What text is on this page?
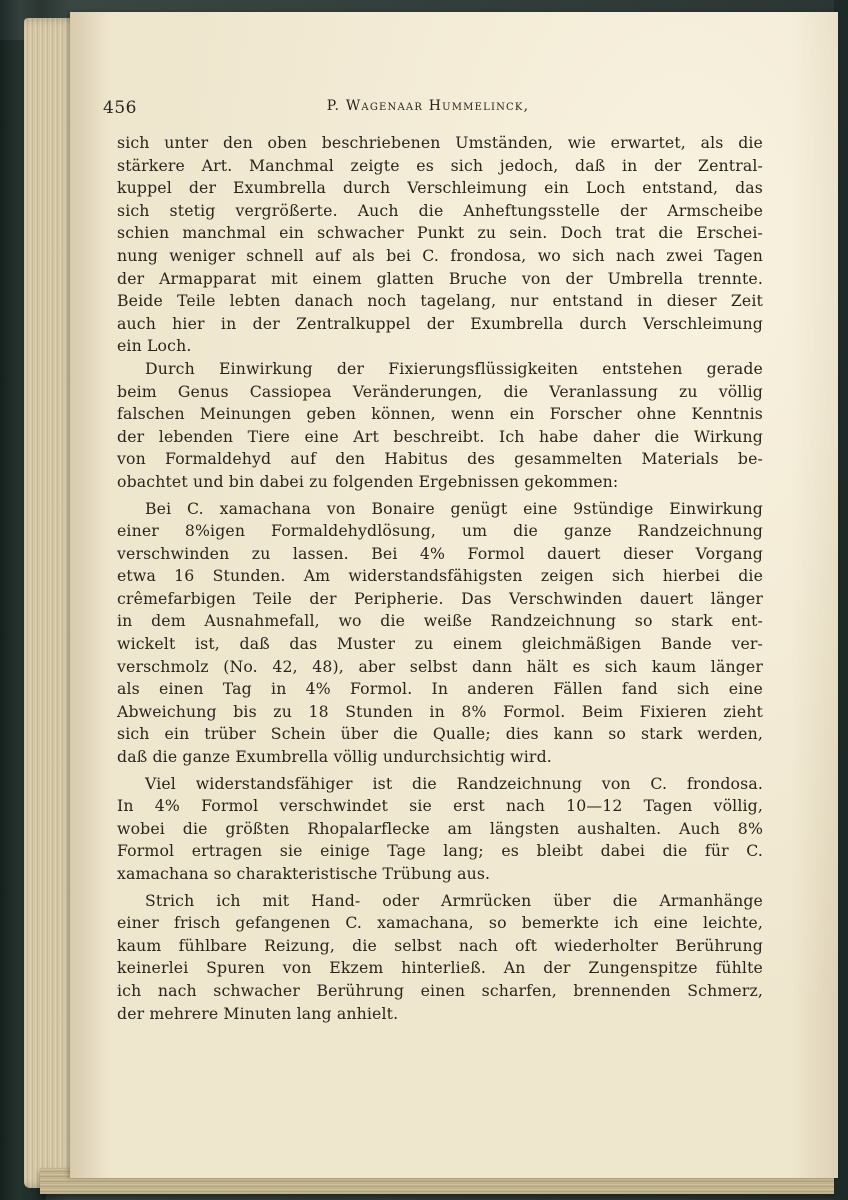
456	P. Wagenaar Hummelinck,
sich unter den oben beschriebenen Umständen, wie erwartet, als die
stärkere Art. Manchmal zeigte es sich jedoch, daß in der Zentral-
kuppel der Exumbrella durch Verschleimung ein Loch entstand, das
sich stetig vergrößerte. Auch die Anheftungsstelle der Armscheibe
schien manchmal ein schwacher Punkt zu sein. Doch trat die Erschei-
nung weniger schnell auf als bei C. frondosa, wo sich nach zwei Tagen
der Armapparat mit einem glatten Bruche von der Umbrella trennte.
Beide Teile lebten danach noch tagelang, nur entstand in dieser Zeit
auch hier in der Zentralkuppel der Exumbrella durch Verschleimung
ein Loch.
Durch Einwirkung der Fixierungsflüssigkeiten entstehen gerade
beim Genus Cassiopea Veränderungen, die Veranlassung zu völlig
falschen Meinungen geben können, wenn ein Forscher ohne Kenntnis
der lebenden Tiere eine Art beschreibt. Ich habe daher die Wirkung
von Formaldehyd auf den Habitus des gesammelten Materials be-
obachtet und bin dabei zu folgenden Ergebnissen gekommen:
Bei C. xamachana von Bonaire genügt eine 9stündige Einwirkung
einer 8%igen Formaldehydlösung, um die ganze Randzeichnung
verschwinden zu lassen. Bei 4% Formol dauert dieser Vorgang
etwa 16 Stunden. Am widerstandsfähigsten zeigen sich hierbei die
crêmefarbigen Teile der Peripherie. Das Verschwinden dauert länger
in dem Ausnahmefall, wo die weiße Randzeichnung so stark ent-
wickelt ist, daß das Muster zu einem gleichmäßigen Bande ver-
verschmolz (No. 42, 48), aber selbst dann hält es sich kaum länger
als einen Tag in 4% Formol. In anderen Fällen fand sich eine
Abweichung bis zu 18 Stunden in 8% Formol. Beim Fixieren zieht
sich ein trüber Schein über die Qualle; dies kann so stark werden,
daß die ganze Exumbrella völlig undurchsichtig wird.
Viel widerstandsfähiger ist die Randzeichnung von C. frondosa.
In 4% Formol verschwindet sie erst nach 10—12 Tagen völlig,
wobei die größten Rhopalarflecke am längsten aushalten. Auch 8%
Formol ertragen sie einige Tage lang; es bleibt dabei die für C.
xamachana so charakteristische Trübung aus.
Strich ich mit Hand- oder Armrücken über die Armanhänge
einer frisch gefangenen C. xamachana, so bemerkte ich eine leichte,
kaum fühlbare Reizung, die selbst nach oft wiederholter Berührung
keinerlei Spuren von Ekzem hinterließ. An der Zungenspitze fühlte
ich nach schwacher Berührung einen scharfen, brennenden Schmerz,
der mehrere Minuten lang anhielt.
